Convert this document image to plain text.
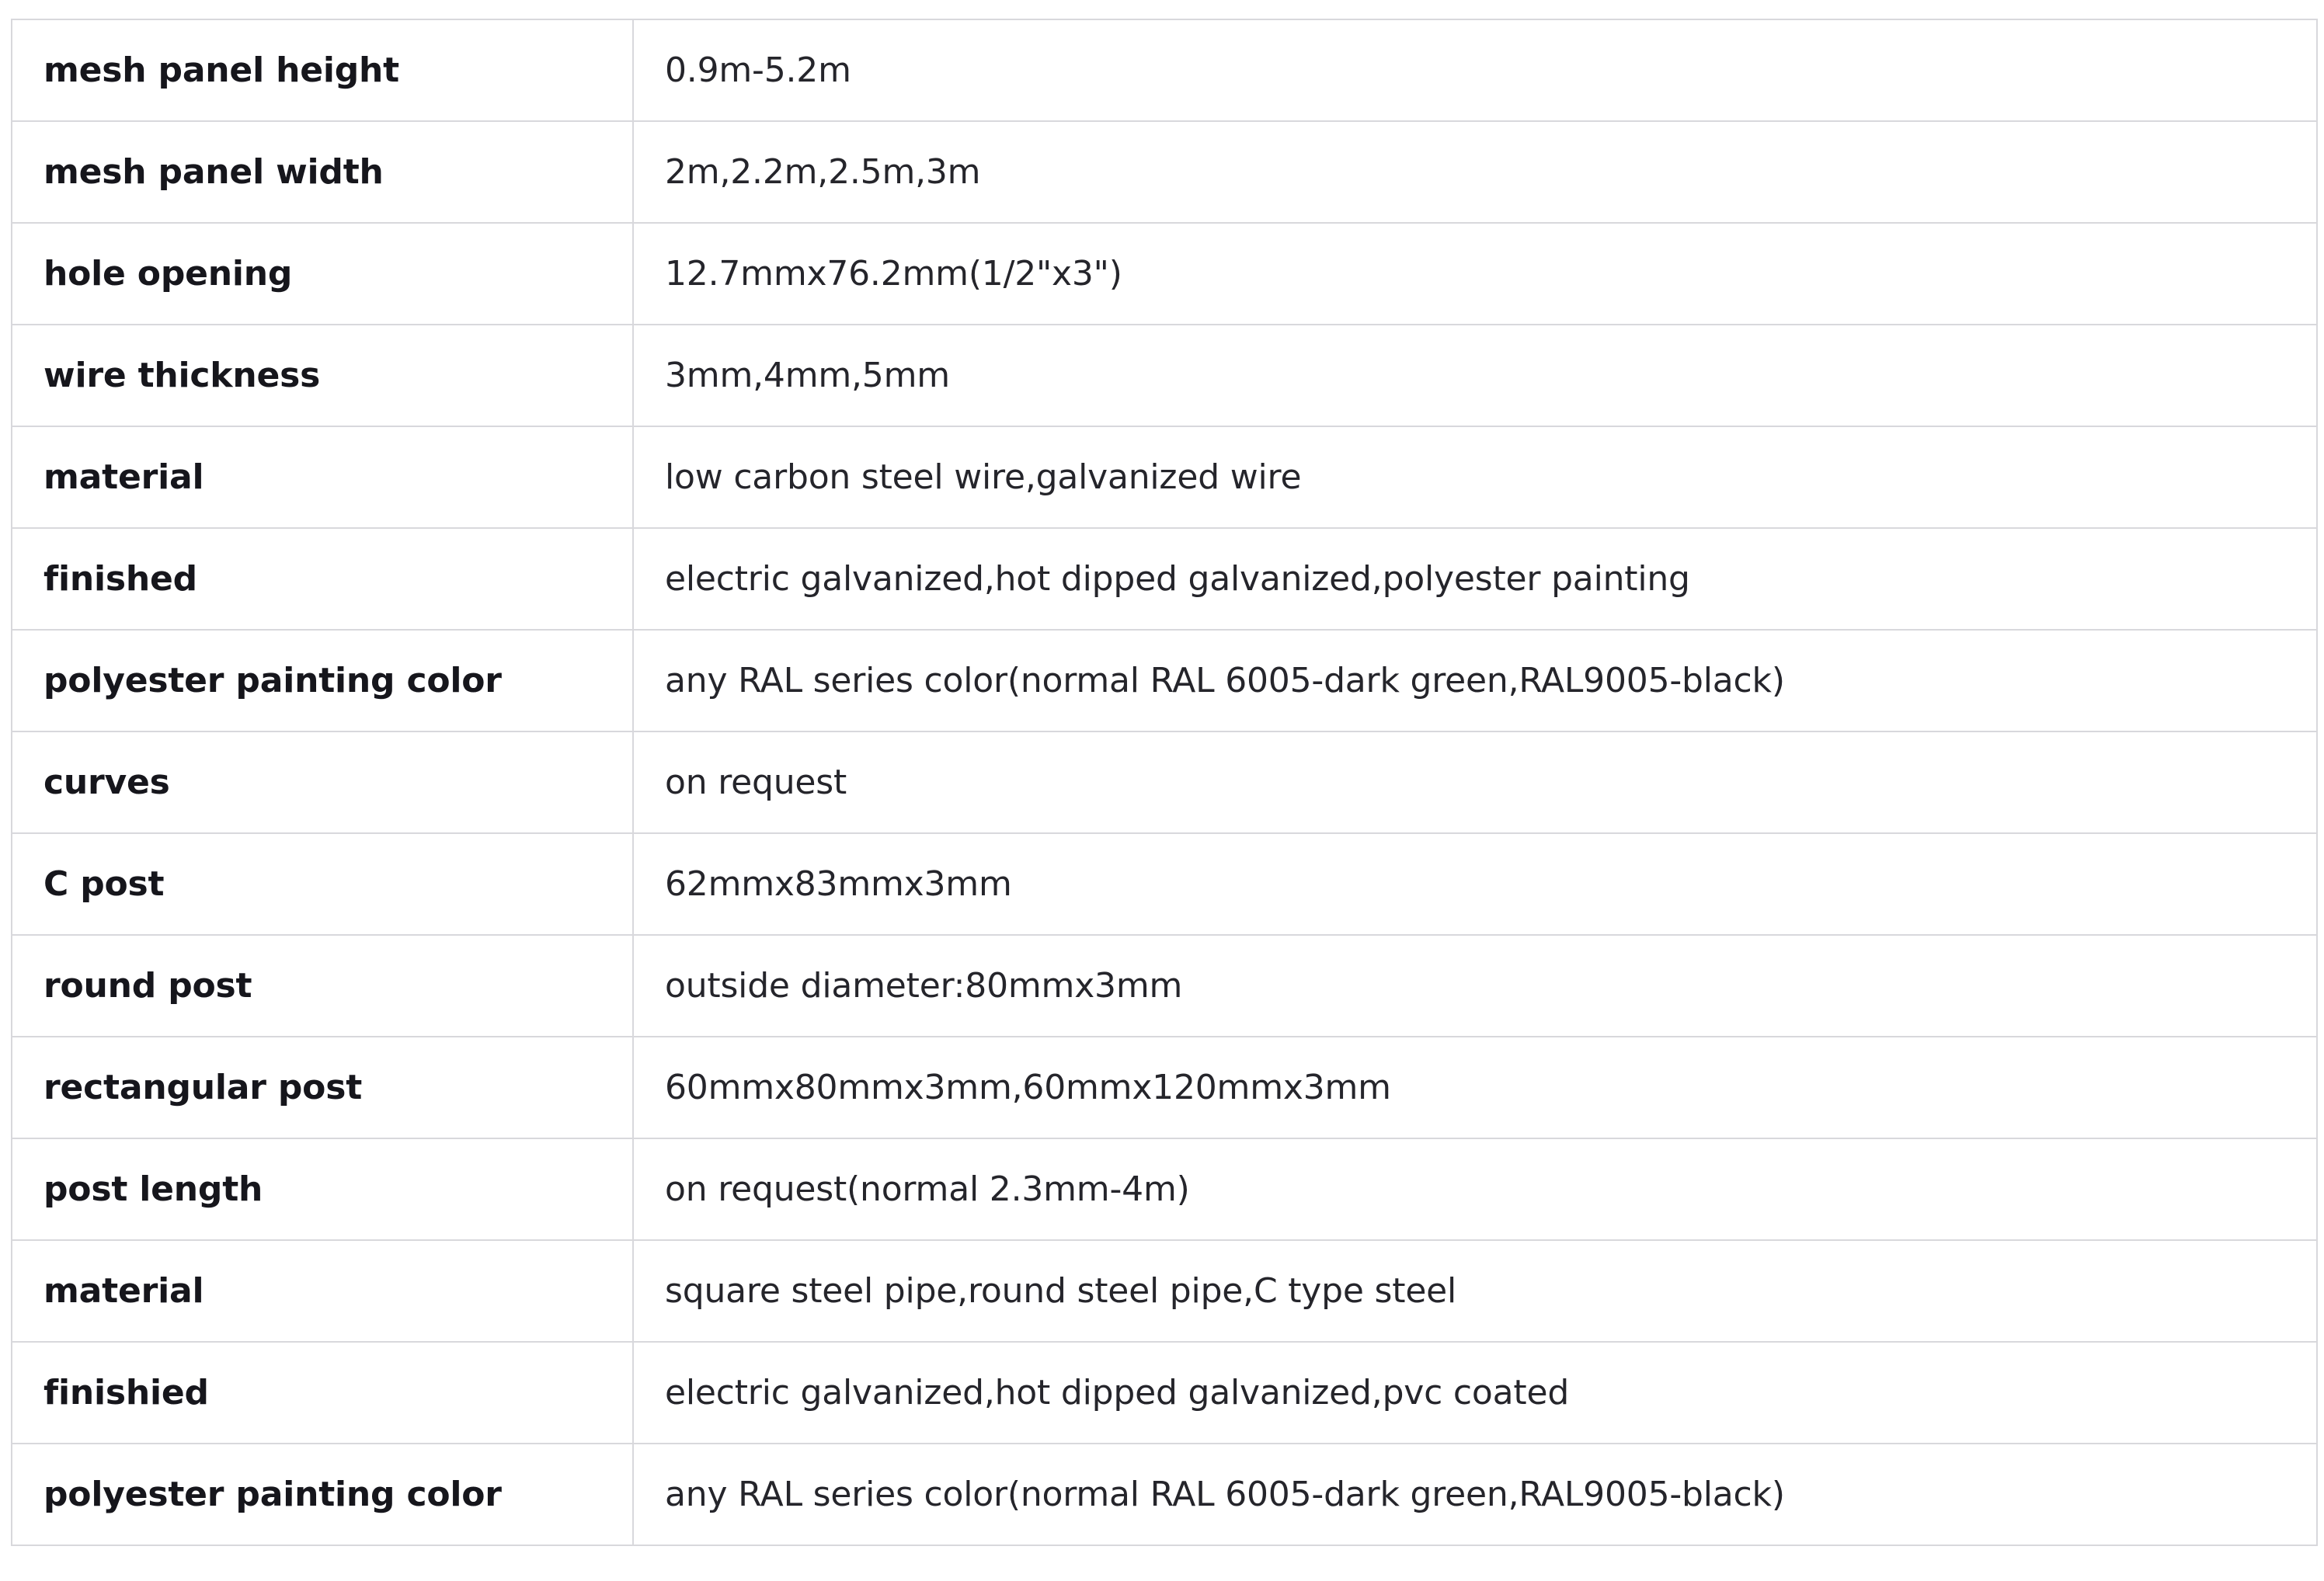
mesh panel height	0.9m-5.2m
mesh panel width	2m,2.2m,2.5m,3m
hole opening	12.7mmx76.2mm(1/2"x3")
wire thickness	3mm,4mm,5mm
material	low carbon steel wire,galvanized wire
finished	electric galvanized,hot dipped galvanized,polyester painting
polyester painting color	any RAL series color(normal RAL 6005-dark green,RAL9005-black)
curves	on request
C post	62mmx83mmx3mm
round post	outside diameter:80mmx3mm
rectangular post	60mmx80mmx3mm,60mmx120mmx3mm
post length	on request(normal 2.3mm-4m)
material	square steel pipe,round steel pipe,C type steel
finishied	electric galvanized,hot dipped galvanized,pvc coated
polyester painting color	any RAL series color(normal RAL 6005-dark green,RAL9005-black)
